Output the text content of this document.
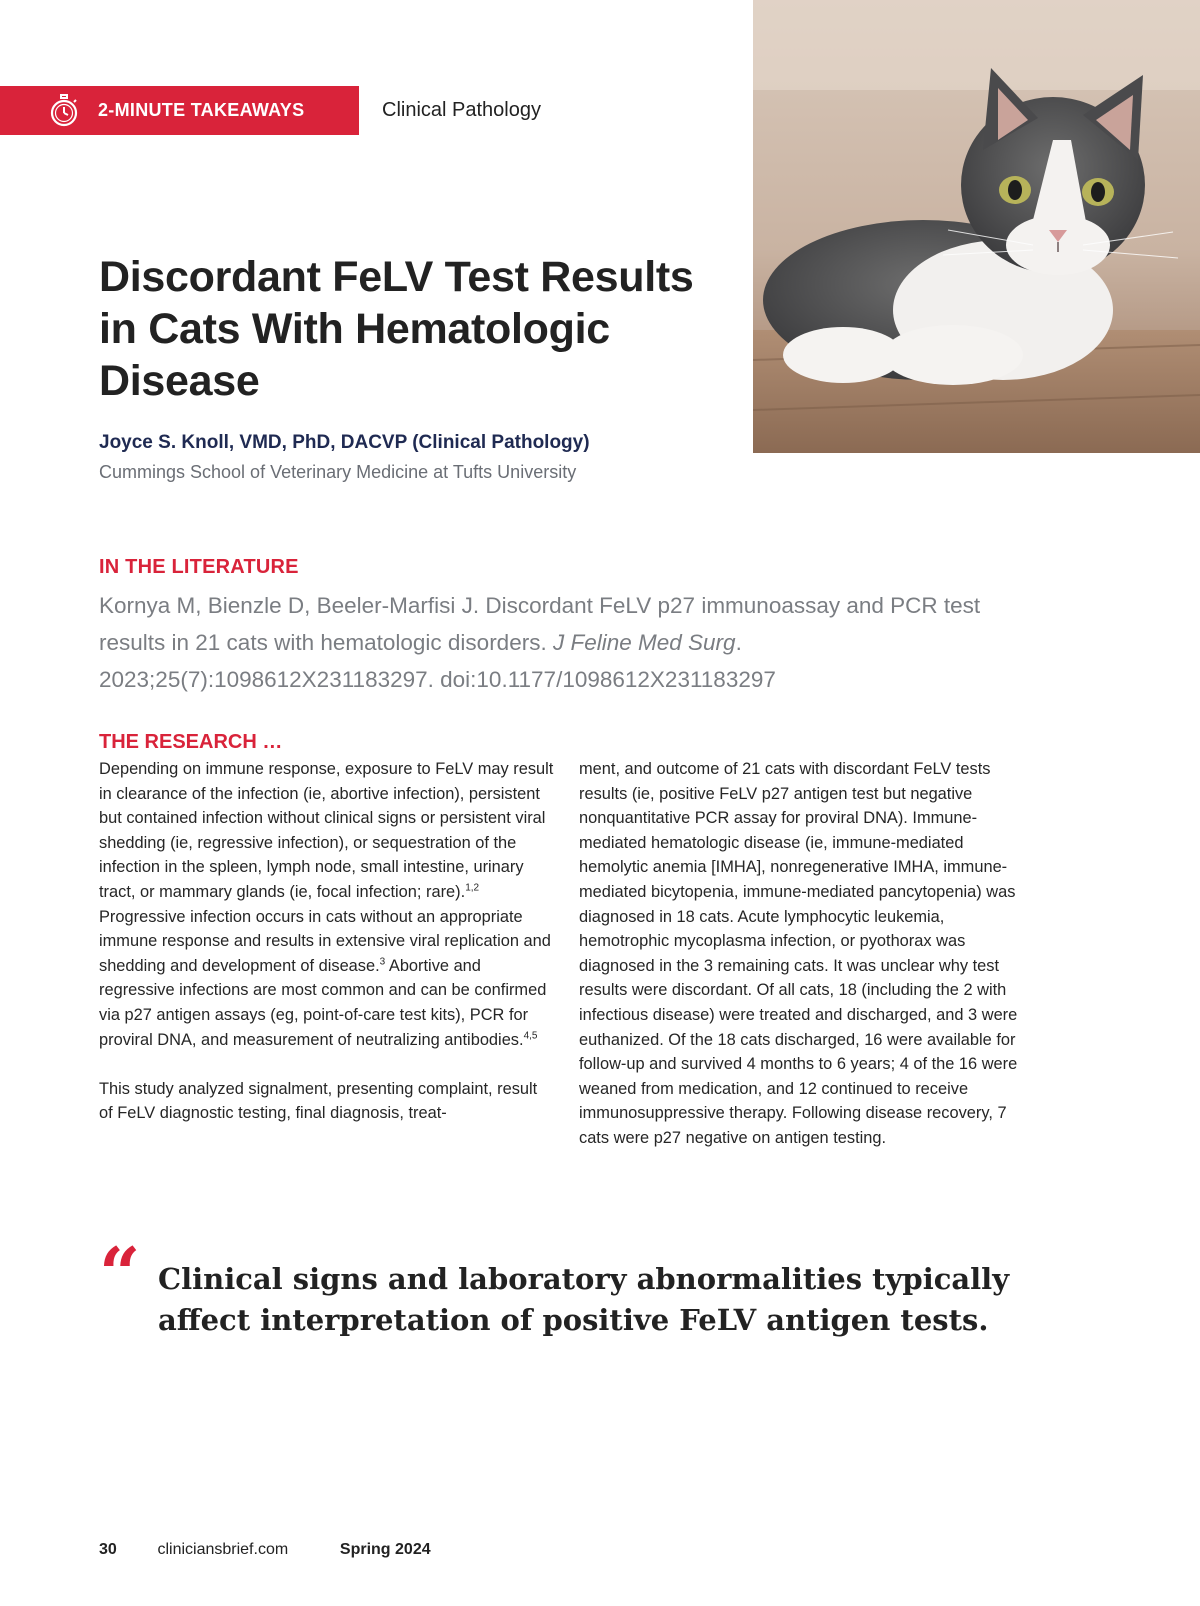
2-MINUTE TAKEAWAYS	Clinical Pathology
Discordant FeLV Test Results in Cats With Hematologic Disease
Joyce S. Knoll, VMD, PhD, DACVP (Clinical Pathology)
Cummings School of Veterinary Medicine at Tufts University
IN THE LITERATURE

Kornya M, Bienzle D, Beeler-Marfisi J. Discordant FeLV p27 immunoassay and PCR test results in 21 cats with hematologic disorders. J Feline Med Surg. 2023;25(7):1098612X231183297. doi:10.1177/1098612X231183297

THE RESEARCH …

Depending on immune response, exposure to FeLV may result in clearance of the infection (ie, abortive infection), persistent but contained infection without clinical signs or persistent viral shedding (ie, regressive infection), or sequestration of the infection in the spleen, lymph node, small intestine, urinary tract, or mammary glands (ie, focal infection; rare).$^{1,2}$ Progressive infection occurs in cats without an appropriate immune response and results in extensive viral replication and shedding and development of disease.$^3$ Abortive and regressive infections are most common and can be confirmed via p27 antigen assays (eg, point-of-care test kits), PCR for proviral DNA, and measurement of neutralizing antibodies.$^{4,5}$

This study analyzed signalment, presenting complaint, result of FeLV diagnostic testing, final diagnosis, treat-

ment, and outcome of 21 cats with discordant FeLV tests results (ie, positive FeLV p27 antigen test but negative nonquantitative PCR assay for proviral DNA). Immune-mediated hematologic disease (ie, immune-mediated hemolytic anemia [IMHA], nonregenerative IMHA, immune-mediated bicytopenia, immune-mediated pancytopenia) was diagnosed in 18 cats. Acute lymphocytic leukemia, hemotrophic mycoplasma infection, or pyothorax was diagnosed in the 3 remaining cats. It was unclear why test results were discordant. Of all cats, 18 (including the 2 with infectious disease) were treated and discharged, and 3 were euthanized. Of the 18 cats discharged, 16 were available for follow-up and survived 4 months to 6 years; 4 of the 16 were weaned from medication, and 12 continued to receive immunosuppressive therapy. Following disease recovery, 7 cats were p27 negative on antigen testing.

“ Clinical signs and laboratory abnormalities typically affect interpretation of positive FeLV antigen tests.

30	cliniciansbrief.com	Spring 2024
